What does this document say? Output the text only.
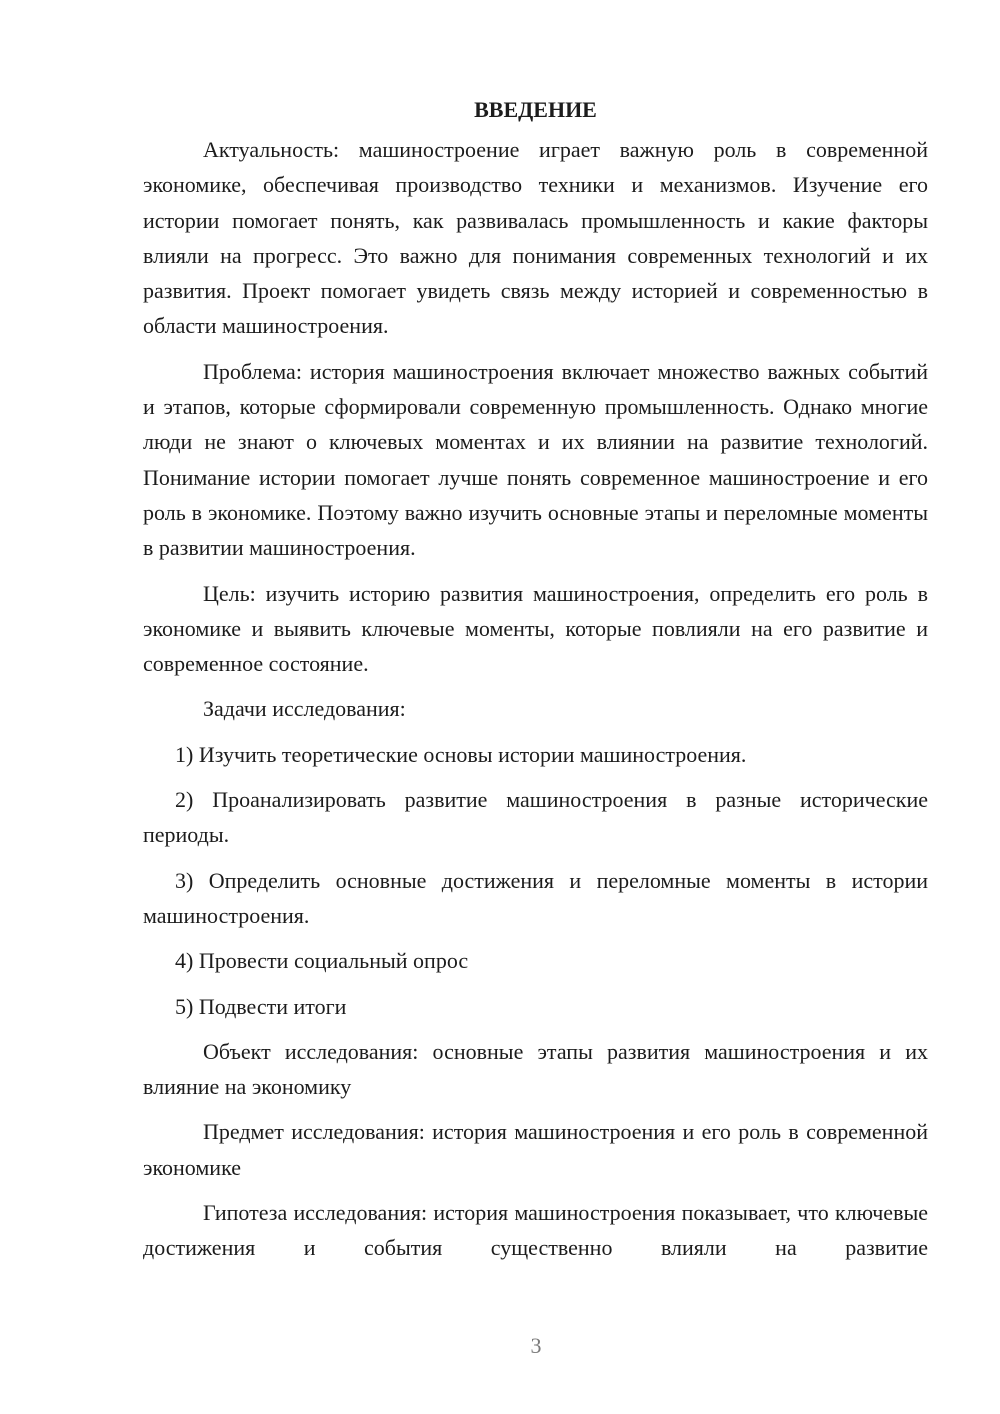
ВВЕДЕНИЕ

Актуальность: машиностроение играет важную роль в современной экономике, обеспечивая производство техники и механизмов. Изучение его истории помогает понять, как развивалась промышленность и какие факторы влияли на прогресс. Это важно для понимания современных технологий и их развития. Проект помогает увидеть связь между историей и современностью в области машиностроения.

Проблема: история машиностроения включает множество важных событий и этапов, которые сформировали современную промышленность. Однако многие люди не знают о ключевых моментах и их влиянии на развитие технологий. Понимание истории помогает лучше понять современное машиностроение и его роль в экономике. Поэтому важно изучить основные этапы и переломные моменты в развитии машиностроения.

Цель: изучить историю развития машиностроения, определить его роль в экономике и выявить ключевые моменты, которые повлияли на его развитие и современное состояние.

Задачи исследования:

1) Изучить теоретические основы истории машиностроения.

2) Проанализировать развитие машиностроения в разные исторические периоды.

3) Определить основные достижения и переломные моменты в истории машиностроения.

4) Провести социальный опрос

5) Подвести итоги

Объект исследования: основные этапы развития машиностроения и их влияние на экономику

Предмет исследования: история машиностроения и его роль в современной экономике

Гипотеза исследования: история машиностроения показывает, что ключевые достижения и события существенно влияли на развитие

3
